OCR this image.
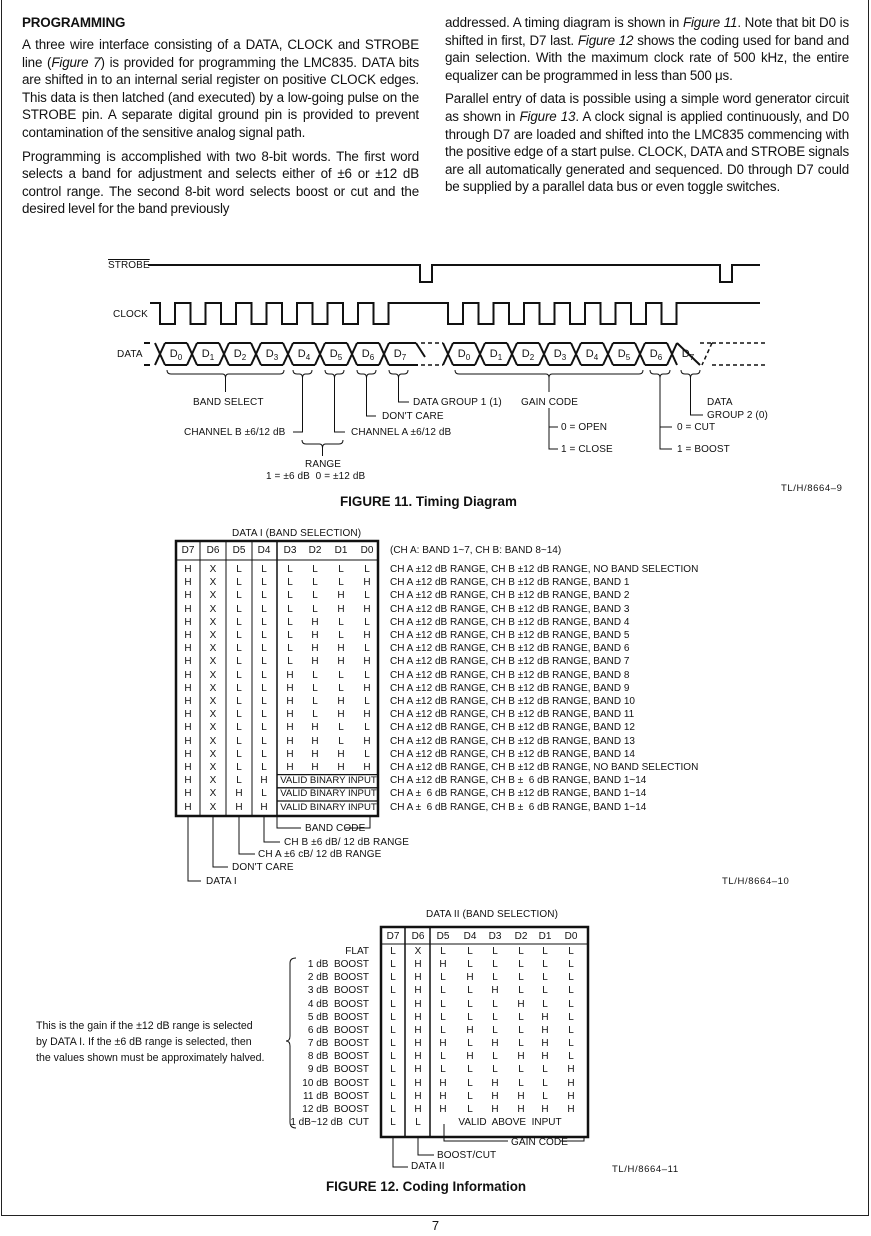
PROGRAMMING

A three wire interface consisting of a DATA, CLOCK and STROBE line (Figure 7) is provided for programming the LMC835. DATA bits are shifted in to an internal serial register on positive CLOCK edges. This data is then latched (and executed) by a low-going pulse on the STROBE pin. A separate digital ground pin is provided to prevent contamination of the sensitive analog signal path.

Programming is accomplished with two 8-bit words. The first word selects a band for adjustment and selects either of ±6 or ±12 dB control range. The second 8-bit word selects boost or cut and the desired level for the band previously

addressed. A timing diagram is shown in Figure 11. Note that bit D0 is shifted in first, D7 last. Figure 12 shows the coding used for band and gain selection. With the maximum clock rate of 500 kHz, the entire equalizer can be programmed in less than 500 μs.

Parallel entry of data is possible using a simple word generator circuit as shown in Figure 13. A clock signal is applied continuously, and D0 through D7 are loaded and shifted into the LMC835 commencing with the positive edge of a start pulse. CLOCK, DATA and STROBE signals are all automatically generated and sequenced. D0 through D7 could be supplied by a parallel data bus or even toggle switches.

STROBE
CLOCK
DATA	$D_0$	$D_1$	$D_2$	$D_3$	$D_4$	$D_5$	$D_6$	$D_7$	$D_0$	$D_1$	$D_2$	$D_3$	$D_4$	$D_5$	$D_6$	$D_7$
BAND SELECT	DATA GROUP 1 (1)
DON'T CARE
CHANNEL B ±6/12 dB	CHANNEL A ±6/12 dB
RANGE
1 = ±6 dB  0 = ±12 dB
GAIN CODE
0 = OPEN
1 = CLOSE
DATA
GROUP 2 (0)
0 = CUT
1 = BOOST
TL/H/8664–9
FIGURE 11. Timing Diagram
DATA I (BAND SELECTION)
D7	D6	D5	D4	D3	D2	D1	D0	(CH A: BAND 1~7, CH B: BAND 8~14)
H	X	L	L	L	L	L	L	CH A ±12 dB RANGE, CH B ±12 dB RANGE, NO BAND SELECTION
H	X	L	L	L	L	L	H	CH A ±12 dB RANGE, CH B ±12 dB RANGE, BAND 1
H	X	L	L	L	L	H	L	CH A ±12 dB RANGE, CH B ±12 dB RANGE, BAND 2
H	X	L	L	L	L	H	H	CH A ±12 dB RANGE, CH B ±12 dB RANGE, BAND 3
H	X	L	L	L	H	L	L	CH A ±12 dB RANGE, CH B ±12 dB RANGE, BAND 4
H	X	L	L	L	H	L	H	CH A ±12 dB RANGE, CH B ±12 dB RANGE, BAND 5
H	X	L	L	L	H	H	L	CH A ±12 dB RANGE, CH B ±12 dB RANGE, BAND 6
H	X	L	L	L	H	H	H	CH A ±12 dB RANGE, CH B ±12 dB RANGE, BAND 7
H	X	L	L	H	L	L	L	CH A ±12 dB RANGE, CH B ±12 dB RANGE, BAND 8
H	X	L	L	H	L	L	H	CH A ±12 dB RANGE, CH B ±12 dB RANGE, BAND 9
H	X	L	L	H	L	H	L	CH A ±12 dB RANGE, CH B ±12 dB RANGE, BAND 10
H	X	L	L	H	L	H	H	CH A ±12 dB RANGE, CH B ±12 dB RANGE, BAND 11
H	X	L	L	H	H	L	L	CH A ±12 dB RANGE, CH B ±12 dB RANGE, BAND 12
H	X	L	L	H	H	L	H	CH A ±12 dB RANGE, CH B ±12 dB RANGE, BAND 13
H	X	L	L	H	H	H	L	CH A ±12 dB RANGE, CH B ±12 dB RANGE, BAND 14
H	X	L	L	H	H	H	H	CH A ±12 dB RANGE, CH B ±12 dB RANGE, NO BAND SELECTION
H	X	L	H	VALID BINARY INPUT CH A ±12 dB RANGE, CH B ±  6 dB RANGE, BAND 1~14
H	X	H	L	VALID BINARY INPUT CH A ±  6 dB RANGE, CH B ±12 dB RANGE, BAND 1~14
H	X	H	H	VALID BINARY INPUT CH A ±  6 dB RANGE, CH B ±  6 dB RANGE, BAND 1~14
BAND CODE
CH B ±6 dB/ 12 dB RANGE
CH A ±6 cB/ 12 dB RANGE
DON'T CARE
DATA I	TL/H/8664–10
DATA II (BAND SELECTION)
D7	D6	D5	D4	D3	D2	D1	D0
FLAT	L	X	L	L	L	L	L	L
1 dB  BOOST	L	H	H	L	L	L	L	L
2 dB  BOOST	L	H	L	H	L	L	L	L
3 dB  BOOST	L	H	L	L	H	L	L	L
4 dB  BOOST	L	H	L	L	L	H	L	L
5 dB  BOOST	L	H	L	L	L	L	H	L
6 dB  BOOST	L	H	L	H	L	L	H	L
7 dB  BOOST	L	H	H	L	H	L	H	L
8 dB  BOOST	L	H	L	H	L	H	H	L
9 dB  BOOST	L	H	L	L	L	L	L	H
10 dB  BOOST	L	H	H	L	H	L	L	H
11 dB  BOOST	L	H	H	L	H	H	L	H
12 dB  BOOST	L	H	H	L	H	H	H	H
1 dB~12 dB  CUT	L	L	VALID  ABOVE  INPUT
GAIN CODE
BOOST/CUT
DATA II
This is the gain if the ±12 dB range is selected by DATA I. If the ±6 dB range is selected, then the values shown must be approximately halved.
TL/H/8664–11
FIGURE 12. Coding Information
7
